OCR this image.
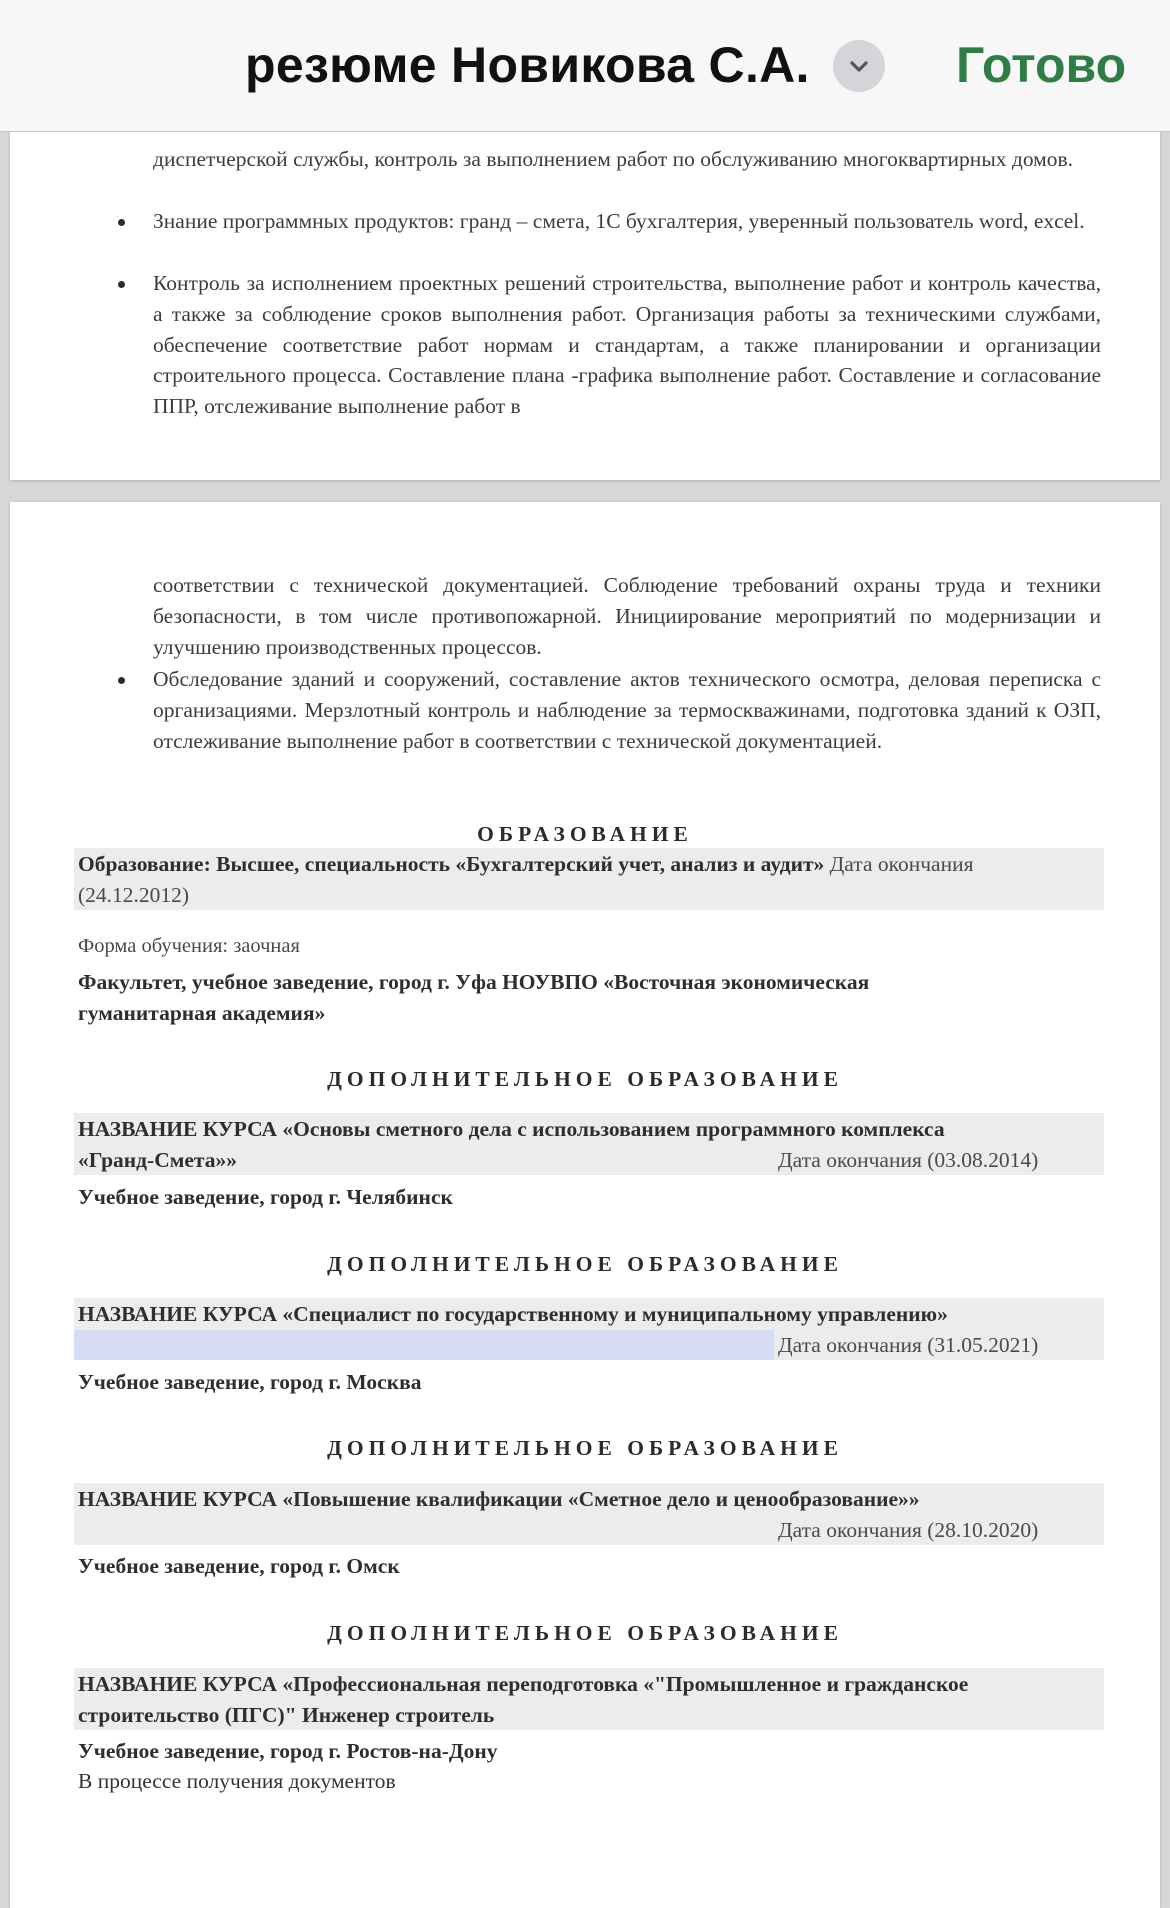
резюме Новикова С.А.	Готово
диспетчерской службы, контроль за выполнением работ по обслуживанию многоквартирных домов.
Знание программных продуктов: гранд – смета, 1С бухгалтерия, уверенный пользователь word, excel.
Контроль за исполнением проектных решений строительства, выполнение работ и контроль качества, а также за соблюдение сроков выполнения работ. Организация работы за техническими службами, обеспечение соответствие работ нормам и стандартам, а также планировании и организации строительного процесса. Составление плана -графика выполнение работ. Составление и согласование ППР, отслеживание выполнение работ в
соответствии с технической документацией. Соблюдение требований охраны труда и техники безопасности, в том числе противопожарной. Инициирование мероприятий по модернизации и улучшению производственных процессов.
Обследование зданий и сооружений, составление актов технического осмотра, деловая переписка с организациями. Мерзлотный контроль и наблюдение за термоскважинами, подготовка зданий к ОЗП, отслеживание выполнение работ в соответствии с технической документацией.
ОБРАЗОВАНИЕ
Образование: Высшее, специальность «Бухгалтерский учет, анализ и аудит» Дата окончания
(24.12.2012)
Форма обучения: заочная
Факультет, учебное заведение, город г. Уфа НОУВПО «Восточная экономическая
гуманитарная академия»
ДОПОЛНИТЕЛЬНОЕ ОБРАЗОВАНИЕ
НАЗВАНИЕ КУРСА «Основы сметного дела с использованием программного комплекса
«Гранд-Смета»»	Дата окончания (03.08.2014)
Учебное заведение, город г. Челябинск
ДОПОЛНИТЕЛЬНОЕ ОБРАЗОВАНИЕ
НАЗВАНИЕ КУРСА «Специалист по государственному и муниципальному управлению»
Дата окончания (31.05.2021)
Учебное заведение, город г. Москва
ДОПОЛНИТЕЛЬНОЕ ОБРАЗОВАНИЕ
НАЗВАНИЕ КУРСА «Повышение квалификации «Сметное дело и ценообразование»»
Дата окончания (28.10.2020)
Учебное заведение, город г. Омск
ДОПОЛНИТЕЛЬНОЕ ОБРАЗОВАНИЕ
НАЗВАНИЕ КУРСА «Профессиональная переподготовка «"Промышленное и гражданское
строительство (ПГС)" Инженер строитель
Учебное заведение, город г. Ростов-на-Дону
В процессе получения документов
